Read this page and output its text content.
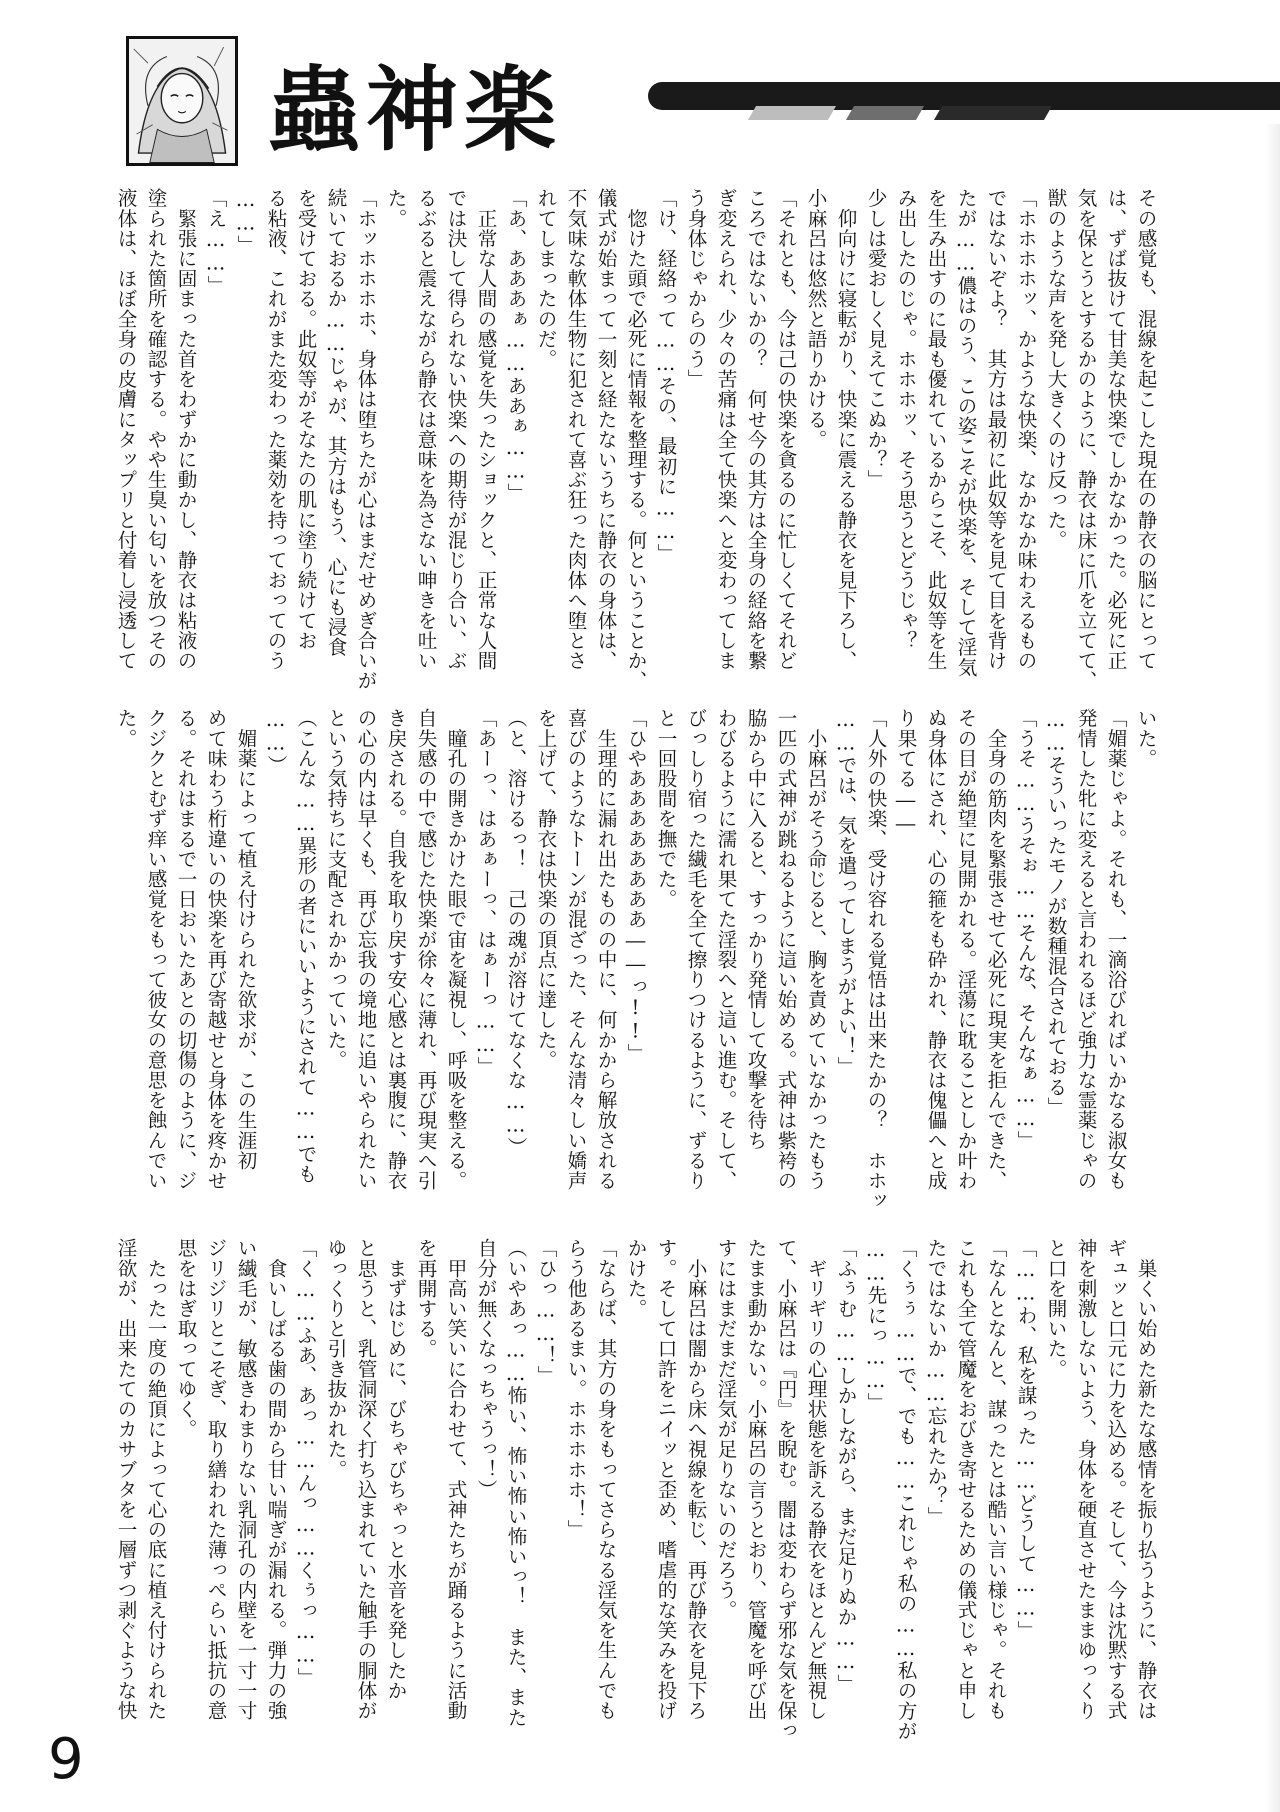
蟲神楽

その感覚も、混線を起こした現在の静衣の脳にとって

は、ずば抜けて甘美な快楽でしかなかった。必死に正

気を保とうとするかのように、静衣は床に爪を立てて、

獣のような声を発し大きくのけ反った。

「ホホホホッ、かような快楽、なかなか味わえるもの

ではないぞよ？　其方は最初に此奴等を見て目を背け

たが……儂はのう、この姿こそが快楽を、そして淫気

を生み出すのに最も優れているからこそ、此奴等を生

み出したのじゃ。ホホホッ、そう思うとどうじゃ？

少しは愛おしく見えてこぬか？」

　仰向けに寝転がり、快楽に震える静衣を見下ろし、

小麻呂は悠然と語りかける。

「それとも、今は己の快楽を貪るのに忙しくてそれど

ころではないかの？　何せ今の其方は全身の経絡を繋

ぎ変えられ、少々の苦痛は全て快楽へと変わってしま

う身体じゃからのう」

「け、経絡って……その、最初に……」

　惚けた頭で必死に情報を整理する。何ということか、

儀式が始まって一刻と経たないうちに静衣の身体は、

不気味な軟体生物に犯されて喜ぶ狂った肉体へ堕とさ

れてしまったのだ。

「あ、あああぁ……ああぁ……」

　正常な人間の感覚を失ったショックと、正常な人間

では決して得られない快楽への期待が混じり合い、ぶ

るぶると震えながら静衣は意味を為さない呻きを吐い

た。

「ホッホホホホ、身体は堕ちたが心はまだせめぎ合いが

続いておるか……じゃが、其方はもう、心にも浸食

を受けておる。此奴等がそなたの肌に塗り続けてお

る粘液、これがまた変わった薬効を持っておってのう

……」

「え……」

　緊張に固まった首をわずかに動かし、静衣は粘液の

塗られた箇所を確認する。やや生臭い匂いを放つその

液体は、ほぼ全身の皮膚にタップリと付着し浸透して

いた。

「媚薬じゃよ。それも、一滴浴びればいかなる淑女も

発情した牝に変えると言われるほど強力な霊薬じゃの

……そういったモノが数種混合されておる」

「うそ……うそぉ……そんな、そんなぁ……」

　全身の筋肉を緊張させて必死に現実を拒んできた、

その目が絶望に見開かれる。淫蕩に耽ることしか叶わ

ぬ身体にされ、心の箍をも砕かれ、静衣は傀儡へと成

り果てる――

「人外の快楽、受け容れる覚悟は出来たかの？　ホホッ

……では、気を遣ってしまうがよい！」

　小麻呂がそう命じると、胸を責めていなかったもう

一匹の式神が跳ねるように這い始める。式神は紫袴の

脇から中に入ると、すっかり発情して攻撃を待ち

わびるように濡れ果てた淫裂へと這い進む。そして、

びっしり宿った繊毛を全て擦りつけるように、ずるり

と一回股間を撫でた。

「ひやああああああああ――っ!!」

　生理的に漏れ出たものの中に、何かから解放される

喜びのようなトーンが混ざった、そんな清々しい嬌声

を上げて、静衣は快楽の頂点に達した。

（と、溶けるっ！　己の魂が溶けてなくな……）

「あーっ、はあぁーっ、はぁーっ……」

　瞳孔の開きかけた眼で宙を凝視し、呼吸を整える。

自失感の中で感じた快楽が徐々に薄れ、再び現実へ引

き戻される。自我を取り戻す安心感とは裏腹に、静衣

の心の内は早くも、再び忘我の境地に追いやられたい

という気持ちに支配されかかっていた。

（こんな……異形の者にいいようにされて……でも

……）

　媚薬によって植え付けられた欲求が、この生涯初

めて味わう桁違いの快楽を再び寄越せと身体を疼かせ

る。それはまるで一日おいたあとの切傷のように、ジ

クジクとむず痒い感覚をもって彼女の意思を蝕んでい

た。

　巣くい始めた新たな感情を振り払うように、静衣は

ギュッと口元に力を込める。そして、今は沈黙する式

神を刺激しないよう、身体を硬直させたままゆっくり

と口を開いた。

「……わ、私を謀った……どうして……」

「なんとなんと、謀ったとは酷い言い様じゃ。それも

これも全て管魔をおびき寄せるための儀式じゃと申し

たではないか……忘れたか？」

「くぅぅ……で、でも……これじゃ私の……私の方が

……先にっ……」

「ふぅむ……しかしながら、まだ足りぬか……」

　ギリギリの心理状態を訴える静衣をほとんど無視し

て、小麻呂は『円』を睨む。闇は変わらず邪な気を保っ

たまま動かない。小麻呂の言うとおり、管魔を呼び出

すにはまだまだ淫気が足りないのだろう。

　小麻呂は闇から床へ視線を転じ、再び静衣を見下ろ

す。そして口許をニイッと歪め、嗜虐的な笑みを投げ

かけた。

「ならば、其方の身をもってさらなる淫気を生んでも

らう他あるまい。ホホホホホ！」

「ひっ……！」

（いやあっ……怖い、怖い怖い怖いっ！　また、また

自分が無くなっちゃうっ！）

　甲高い笑いに合わせて、式神たちが踊るように活動

を再開する。

　まずはじめに、びちゃびちゃっと水音を発したか

と思うと、乳管洞深く打ち込まれていた触手の胴体が

ゆっくりと引き抜かれた。

「く……ふあ、あっ……んっ……くぅっ……」

　食いしばる歯の間から甘い喘ぎが漏れる。弾力の強

い繊毛が、敏感きわまりない乳洞孔の内壁を一寸一寸

ジリジリとこそぎ、取り繕われた薄っぺらい抵抗の意

思をはぎ取ってゆく。

　たった一度の絶頂によって心の底に植え付けられた

淫欲が、出来たてのカサブタを一層ずつ剥ぐような快

9
